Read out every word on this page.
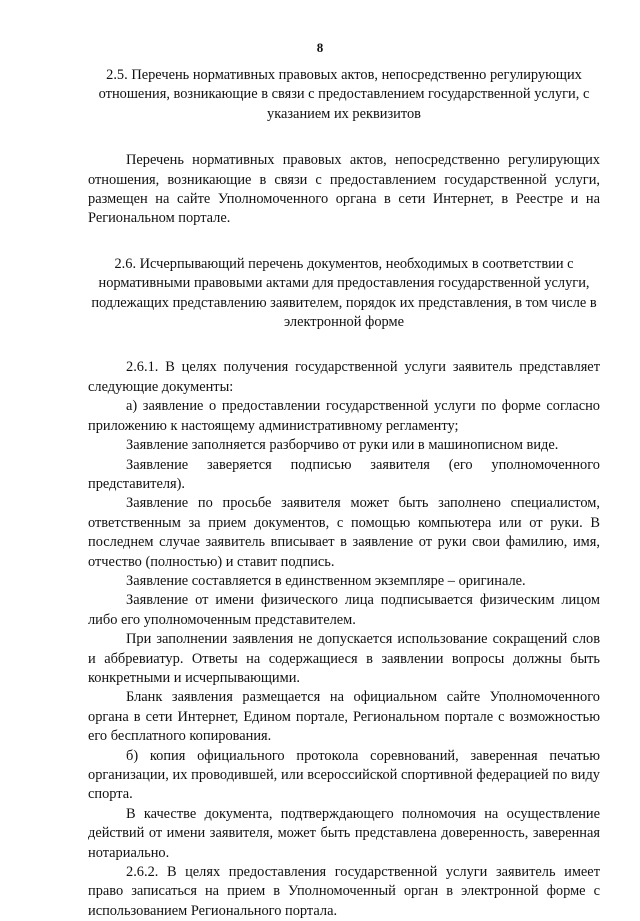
8

2.5. Перечень нормативных правовых актов, непосредственно регулирующих отношения, возникающие в связи с предоставлением государственной услуги, с указанием их реквизитов

Перечень нормативных правовых актов, непосредственно регулирующих отношения, возникающие в связи с предоставлением государственной услуги, размещен на сайте Уполномоченного органа в сети Интернет, в Реестре и на Региональном портале.

2.6. Исчерпывающий перечень документов, необходимых в соответствии с нормативными правовыми актами для предоставления государственной услуги, подлежащих представлению заявителем, порядок их представления, в том числе в электронной форме

2.6.1. В целях получения государственной услуги заявитель представляет следующие документы:

а) заявление о предоставлении государственной услуги по форме согласно приложению к настоящему административному регламенту;

Заявление заполняется разборчиво от руки или в машинописном виде.

Заявление заверяется подписью заявителя (его уполномоченного представителя).

Заявление по просьбе заявителя может быть заполнено специалистом, ответственным за прием документов, с помощью компьютера или от руки. В последнем случае заявитель вписывает в заявление от руки свои фамилию, имя, отчество (полностью) и ставит подпись.

Заявление составляется в единственном экземпляре – оригинале.

Заявление от имени физического лица подписывается физическим лицом либо его уполномоченным представителем.

При заполнении заявления не допускается использование сокращений слов и аббревиатур. Ответы на содержащиеся в заявлении вопросы должны быть конкретными и исчерпывающими.

Бланк заявления размещается на официальном сайте Уполномоченного органа в сети Интернет, Едином портале, Региональном портале с возможностью его бесплатного копирования.

б) копия официального протокола соревнований, заверенная печатью организации, их проводившей, или всероссийской спортивной федерацией по виду спорта.

В качестве документа, подтверждающего полномочия на осуществление действий от имени заявителя, может быть представлена доверенность, заверенная нотариально.

2.6.2. В целях предоставления государственной услуги заявитель имеет право записаться на прием в Уполномоченный орган в электронной форме с использованием Регионального портала.
